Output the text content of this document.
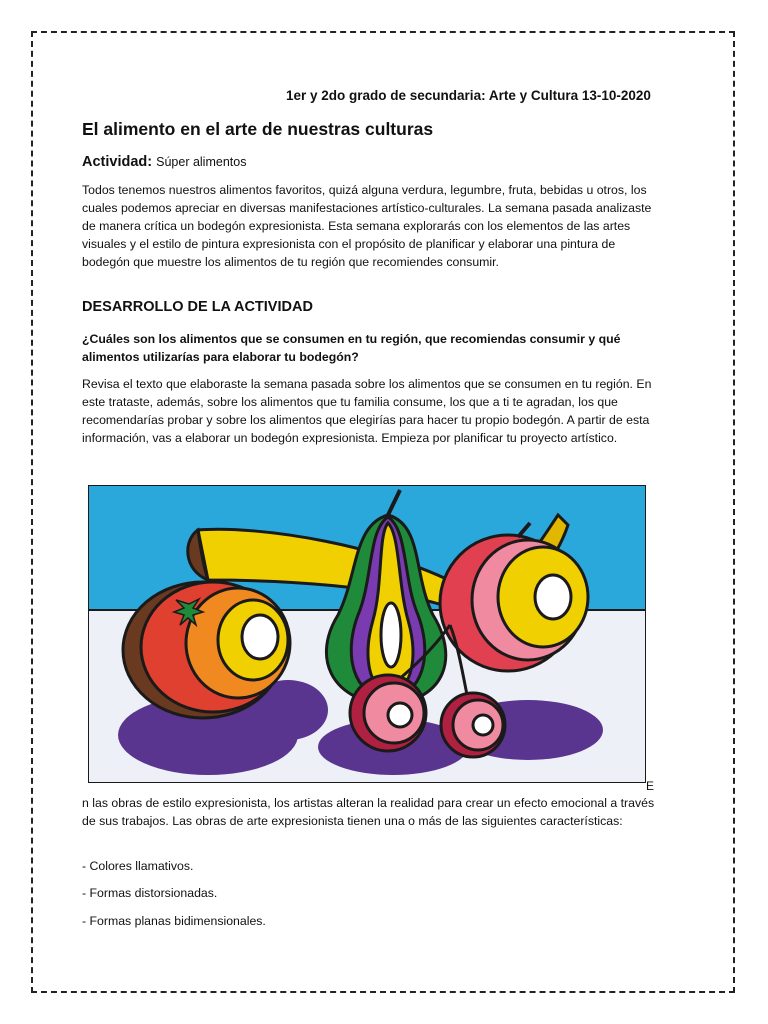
1er y 2do grado de secundaria: Arte y Cultura 13-10-2020
El alimento en el arte de nuestras culturas
Actividad: Súper alimentos
Todos tenemos nuestros alimentos favoritos, quizá alguna verdura, legumbre, fruta, bebidas u otros, los cuales podemos apreciar en diversas manifestaciones artístico-culturales. La semana pasada analizaste de manera crítica un bodegón expresionista. Esta semana explorarás con los elementos de las artes visuales y el estilo de pintura expresionista con el propósito de planificar y elaborar una pintura de bodegón que muestre los alimentos de tu región que recomiendes consumir.
DESARROLLO DE LA ACTIVIDAD
¿Cuáles son los alimentos que se consumen en tu región, que recomiendas consumir y qué alimentos utilizarías para elaborar tu bodegón?
Revisa el texto que elaboraste la semana pasada sobre los alimentos que se consumen en tu región. En este trataste, además, sobre los alimentos que tu familia consume, los que a ti te agradan, los que recomendarías probar y sobre los alimentos que elegirías para hacer tu propio bodegón. A partir de esta información, vas a elaborar un bodegón expresionista. Empieza por planificar tu proyecto artístico.
E
n las obras de estilo expresionista, los artistas alteran la realidad para crear un efecto emocional a través de sus trabajos. Las obras de arte expresionista tienen una o más de las siguientes características:
- Colores llamativos.
- Formas distorsionadas.
- Formas planas bidimensionales.
